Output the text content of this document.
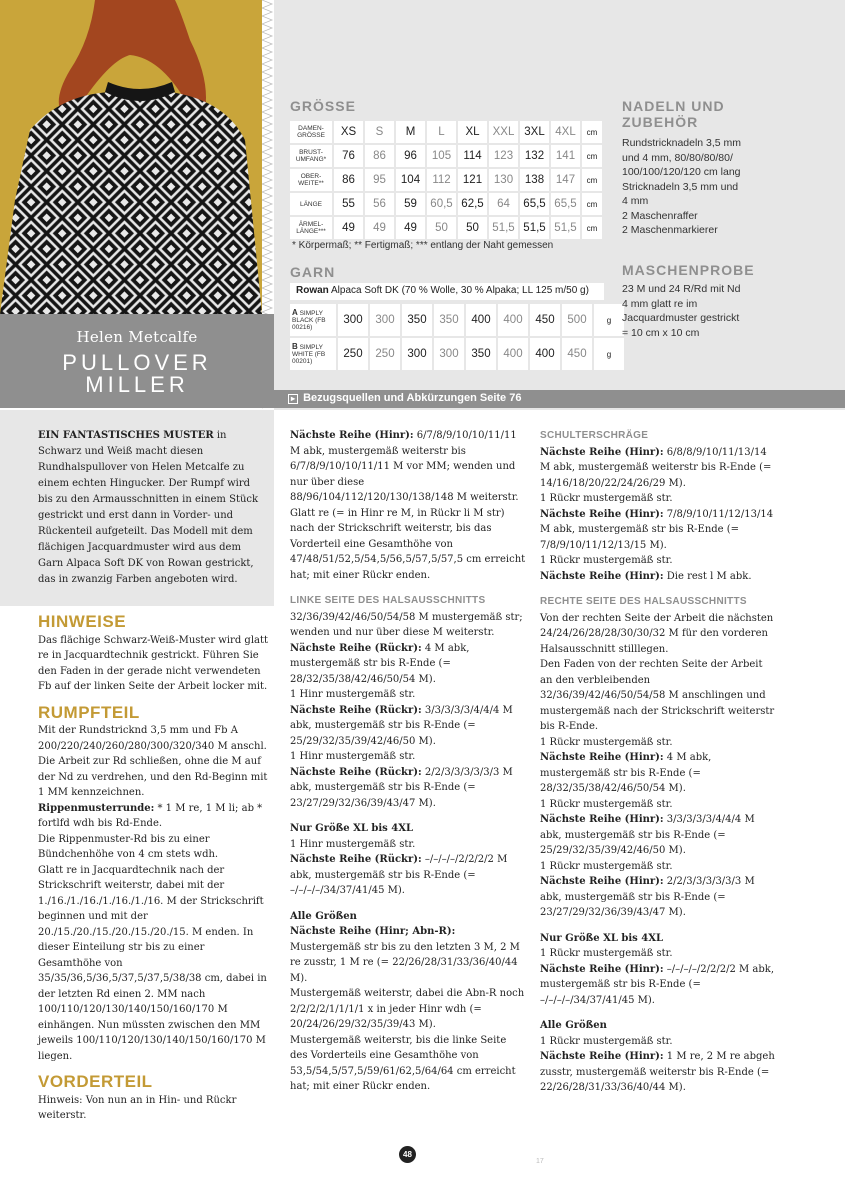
Helen Metcalfe
PULLOVER
MILLER
▸ Bezugsquellen und Abkürzungen Seite 76
GRÖSSE
DAMEN-GRÖSSE	XS	S	M	L	XL	XXL	3XL	4XL	cm
BRUST-UMFANG*	76	86	96	105	114	123	132	141	cm
OBER-WEITE**	86	95	104	112	121	130	138	147	cm
LÄNGE	55	56	59	60,5	62,5	64	65,5	65,5	cm
ÄRMEL-LÄNGE***	49	49	49	50	50	51,5	51,5	51,5	cm
* Körpermaß; ** Fertigmaß; *** entlang der Naht gemessen
GARN
Rowan Alpaca Soft DK (70 % Wolle, 30 % Alpaka; LL 125 m/50 g)
A SIMPLY BLACK (FB 00216)	300	300	350	350	400	400	450	500	g
B SIMPLY WHITE (FB 00201)	250	250	300	300	350	400	400	450	g
NADELN UND ZUBEHÖR
Rundstricknadeln 3,5 mm
und 4 mm, 80/80/80/80/
100/100/120/120 cm lang
Stricknadeln 3,5 mm und
4 mm
2 Maschenraffer
2 Maschenmarkierer
MASCHENPROBE
23 M und 24 R/Rd mit Nd
4 mm glatt re im
Jacquardmuster gestrickt
= 10 cm x 10 cm
EIN FANTASTISCHES MUSTER in Schwarz und Weiß macht diesen Rundhalspullover von Helen Metcalfe zu einem echten Hingucker. Der Rumpf wird bis zu den Armausschnitten in einem Stück gestrickt und erst dann in Vorder- und Rückenteil aufgeteilt. Das Modell mit dem flächigen Jacquardmuster wird aus dem Garn Alpaca Soft DK von Rowan gestrickt, das in zwanzig Farben angeboten wird.
HINWEISE

Das flächige Schwarz-Weiß-Muster wird glatt re in Jacquardtechnik gestrickt. Führen Sie den Faden in der gerade nicht verwendeten Fb auf der linken Seite der Arbeit locker mit.

RUMPFTEIL

Mit der Rundstricknd 3,5 mm und Fb A 200/220/240/260/280/300/320/340 M anschl. Die Arbeit zur Rd schließen, ohne die M auf der Nd zu verdrehen, und den Rd-Beginn mit 1 MM kennzeichnen.

Rippenmusterrunde: * 1 M re, 1 M li; ab * fortlfd wdh bis Rd-Ende.

Die Rippenmuster-Rd bis zu einer Bündchenhöhe von 4 cm stets wdh.

Glatt re in Jacquardtechnik nach der Strickschrift weiterstr, dabei mit der 1./16./1./16./1./16./1./16. M der Strickschrift beginnen und mit der 20./15./20./15./20./15./20./15. M enden. In dieser Einteilung str bis zu einer Gesamthöhe von 35/35/36,5/36,5/37,5/37,5/38/38 cm, dabei in der letzten Rd einen 2. MM nach 100/110/120/130/140/150/160/170 M einhängen. Nun müssten zwischen den MM jeweils 100/110/120/130/140/150/160/170 M liegen.

VORDERTEIL

Hinweis: Von nun an in Hin- und Rückr weiterstr.

Nächste Reihe (Hinr): 6/7/8/9/10/10/11/11 M abk, mustergemäß weiterstr bis 6/7/8/9/10/10/11/11 M vor MM; wenden und nur über diese 88/96/104/112/120/130/138/148 M weiterstr.

Glatt re (= in Hinr re M, in Rückr li M str) nach der Strickschrift weiterstr, bis das Vorderteil eine Gesamthöhe von 47/48/51/52,5/54,5/56,5/57,5/57,5 cm erreicht hat; mit einer Rückr enden.

LINKE SEITE DES HALSAUSSCHNITTS

32/36/39/42/46/50/54/58 M mustergemäß str; wenden und nur über diese M weiterstr.

Nächste Reihe (Rückr): 4 M abk, mustergemäß str bis R-Ende (= 28/32/35/38/42/46/50/54 M).

1 Hinr mustergemäß str.

Nächste Reihe (Rückr): 3/3/3/3/3/4/4/4 M abk, mustergemäß str bis R-Ende (= 25/29/32/35/39/42/46/50 M).

1 Hinr mustergemäß str.

Nächste Reihe (Rückr): 2/2/3/3/3/3/3/3 M abk, mustergemäß str bis R-Ende (= 23/27/29/32/36/39/43/47 M).

Nur Größe XL bis 4XL

1 Hinr mustergemäß str.

Nächste Reihe (Rückr): –/–/–/–/2/2/2/2 M abk, mustergemäß str bis R-Ende (= –/–/–/–/34/37/41/45 M).

Alle Größen

Nächste Reihe (Hinr; Abn-R): Mustergemäß str bis zu den letzten 3 M, 2 M re zusstr, 1 M re (= 22/26/28/31/33/36/40/44 M).

Mustergemäß weiterstr, dabei die Abn-R noch 2/2/2/2/1/1/1/1 x in jeder Hinr wdh (= 20/24/26/29/32/35/39/43 M).

Mustergemäß weiterstr, bis die linke Seite des Vorderteils eine Gesamthöhe von 53,5/54,5/57,5/59/61/62,5/64/64 cm erreicht hat; mit einer Rückr enden.

SCHULTERSCHRÄGE

Nächste Reihe (Hinr): 6/8/8/9/10/11/13/14 M abk, mustergemäß weiterstr bis R-Ende (= 14/16/18/20/22/24/26/29 M).

1 Rückr mustergemäß str.

Nächste Reihe (Hinr): 7/8/9/10/11/12/13/14 M abk, mustergemäß str bis R-Ende (= 7/8/9/10/11/12/13/15 M).

1 Rückr mustergemäß str.

Nächste Reihe (Hinr): Die rest l M abk.

RECHTE SEITE DES HALSAUSSCHNITTS

Von der rechten Seite der Arbeit die nächsten 24/24/26/28/28/30/30/32 M für den vorderen Halsausschnitt stilllegen.

Den Faden von der rechten Seite der Arbeit an den verbleibenden 32/36/39/42/46/50/54/58 M anschlingen und mustergemäß nach der Strickschrift weiterstr bis R-Ende.

1 Rückr mustergemäß str.

Nächste Reihe (Hinr): 4 M abk, mustergemäß str bis R-Ende (= 28/32/35/38/42/46/50/54 M).

1 Rückr mustergemäß str.

Nächste Reihe (Hinr): 3/3/3/3/3/4/4/4 M abk, mustergemäß str bis R-Ende (= 25/29/32/35/39/42/46/50 M).

1 Rückr mustergemäß str.

Nächste Reihe (Hinr): 2/2/3/3/3/3/3/3 M abk, mustergemäß str bis R-Ende (= 23/27/29/32/36/39/43/47 M).

Nur Größe XL bis 4XL

1 Rückr mustergemäß str.

Nächste Reihe (Hinr): –/–/–/–/2/2/2/2 M abk, mustergemäß str bis R-Ende (= –/–/–/–/34/37/41/45 M).

Alle Größen

1 Rückr mustergemäß str.

Nächste Reihe (Hinr): 1 M re, 2 M re abgeh zusstr, mustergemäß weiterstr bis R-Ende (= 22/26/28/31/33/36/40/44 M).

48
17
